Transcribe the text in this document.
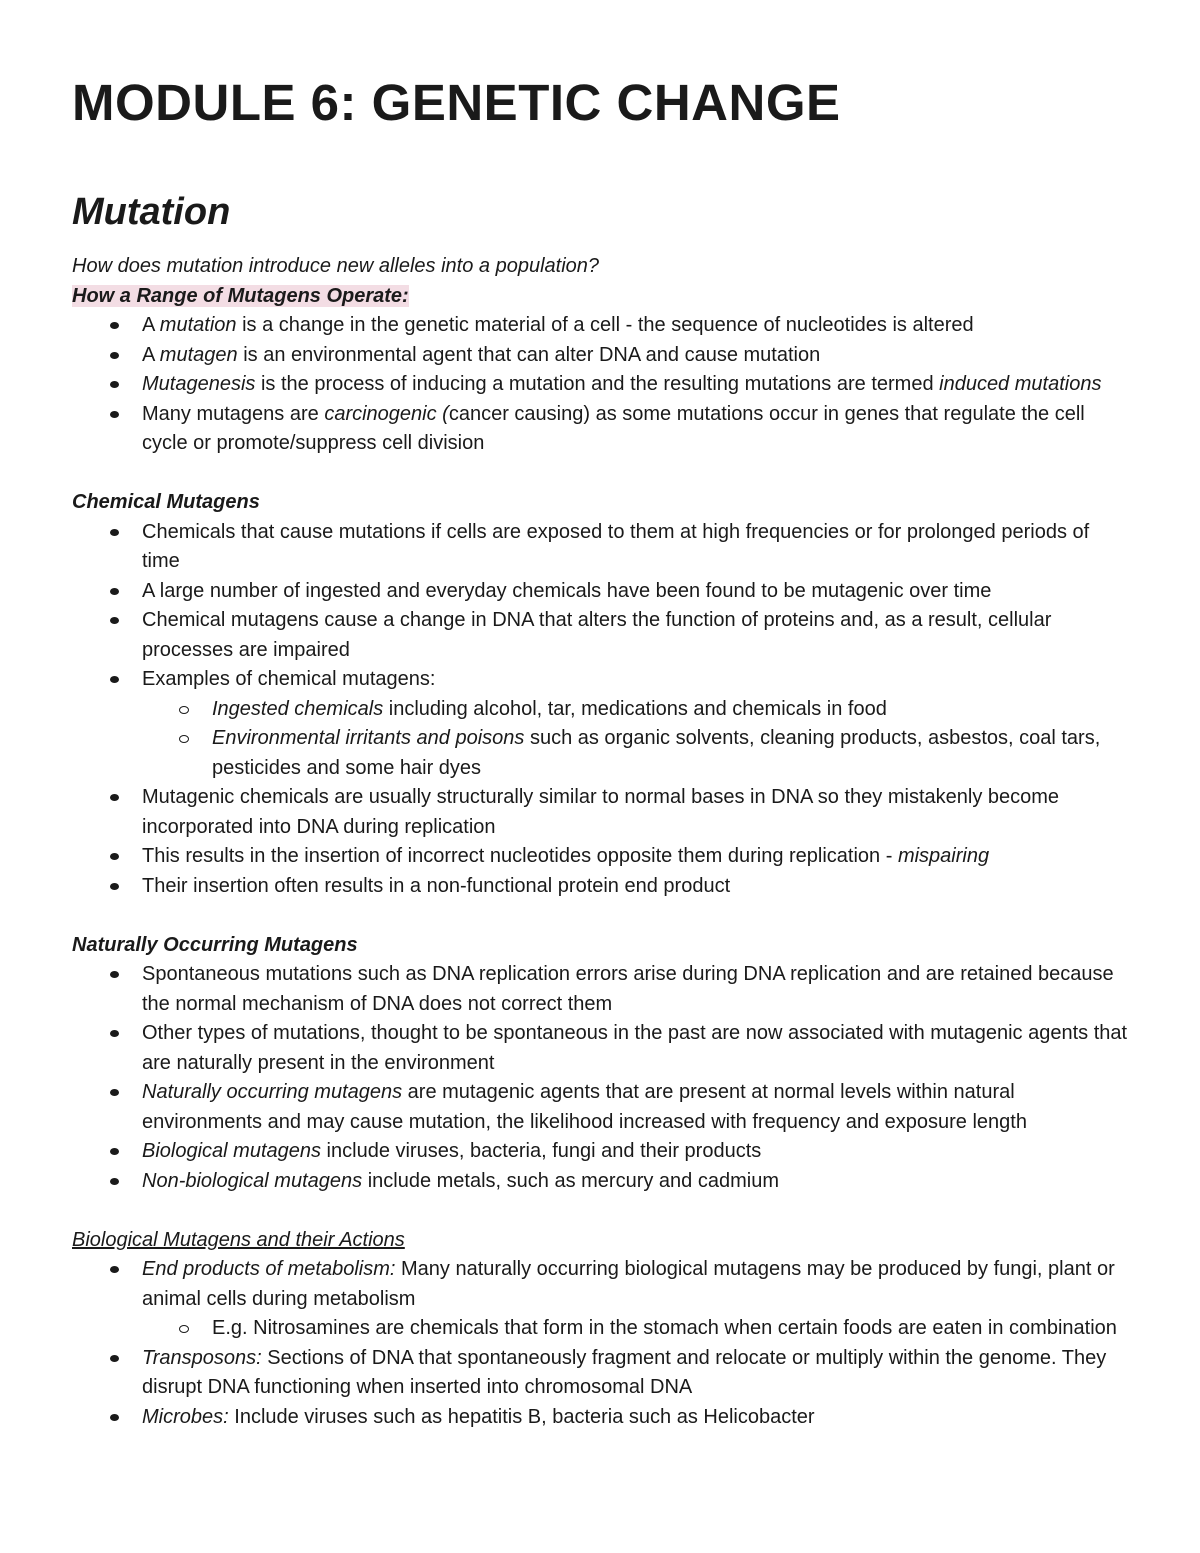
MODULE 6: GENETIC CHANGE
Mutation

How does mutation introduce new alleles into a population?

How a Range of Mutagens Operate:

A mutation is a change in the genetic material of a cell - the sequence of nucleotides is altered
A mutagen is an environmental agent that can alter DNA and cause mutation
Mutagenesis is the process of inducing a mutation and the resulting mutations are termed induced mutations
Many mutagens are carcinogenic (cancer causing) as some mutations occur in genes that regulate the cell cycle or promote/suppress cell division

Chemical Mutagens

Chemicals that cause mutations if cells are exposed to them at high frequencies or for prolonged periods of time
A large number of ingested and everyday chemicals have been found to be mutagenic over time
Chemical mutagens cause a change in DNA that alters the function of proteins and, as a result, cellular processes are impaired
Examples of chemical mutagens:
Ingested chemicals including alcohol, tar, medications and chemicals in food
Environmental irritants and poisons such as organic solvents, cleaning products, asbestos, coal tars, pesticides and some hair dyes
Mutagenic chemicals are usually structurally similar to normal bases in DNA so they mistakenly become incorporated into DNA during replication
This results in the insertion of incorrect nucleotides opposite them during replication - mispairing
Their insertion often results in a non-functional protein end product

Naturally Occurring Mutagens

Spontaneous mutations such as DNA replication errors arise during DNA replication and are retained because the normal mechanism of DNA does not correct them
Other types of mutations, thought to be spontaneous in the past are now associated with mutagenic agents that are naturally present in the environment
Naturally occurring mutagens are mutagenic agents that are present at normal levels within natural environments and may cause mutation, the likelihood increased with frequency and exposure length
Biological mutagens include viruses, bacteria, fungi and their products
Non-biological mutagens include metals, such as mercury and cadmium

Biological Mutagens and their Actions

End products of metabolism: Many naturally occurring biological mutagens may be produced by fungi, plant or animal cells during metabolism
E.g. Nitrosamines are chemicals that form in the stomach when certain foods are eaten in combination
Transposons: Sections of DNA that spontaneously fragment and relocate or multiply within the genome. They disrupt DNA functioning when inserted into chromosomal DNA
Microbes: Include viruses such as hepatitis B, bacteria such as Helicobacter
